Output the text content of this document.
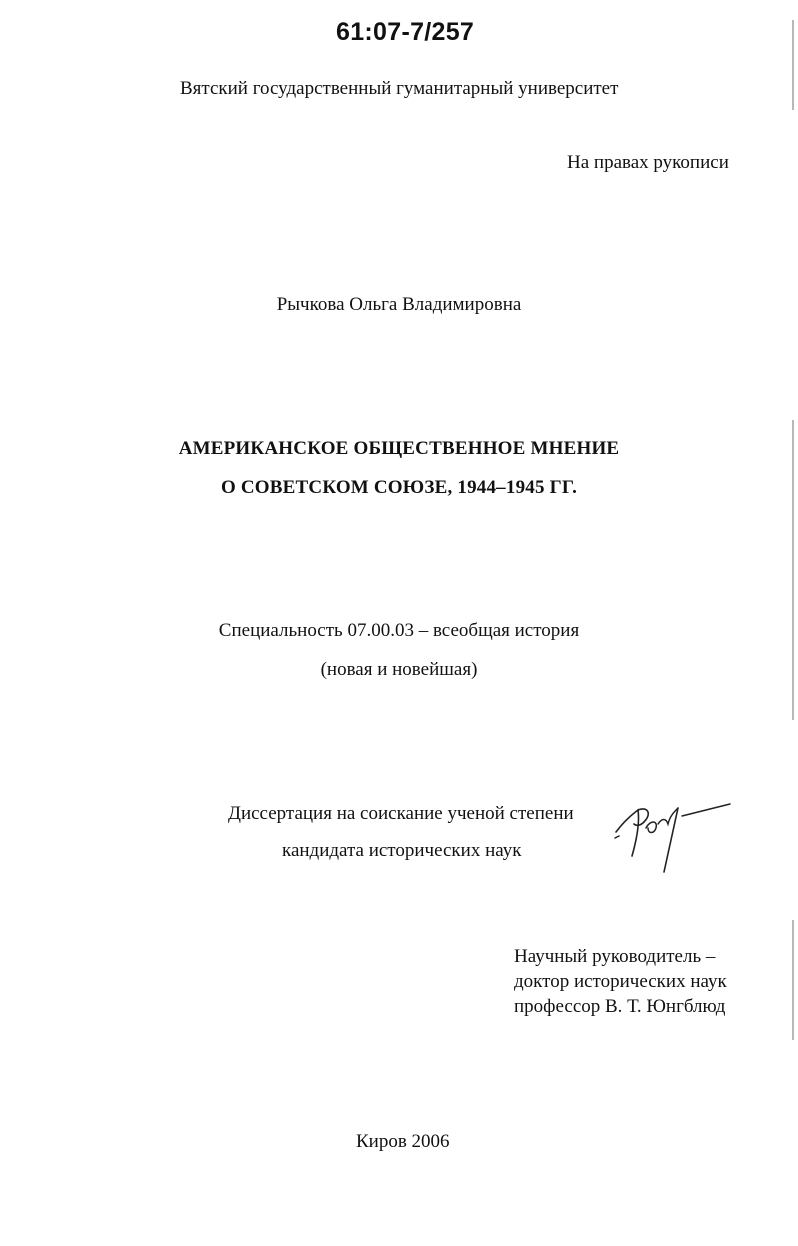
61:07-7/257
Вятский государственный гуманитарный университет
На правах рукописи
Рычкова Ольга Владимировна
АМЕРИКАНСКОЕ ОБЩЕСТВЕННОЕ МНЕНИЕ
О СОВЕТСКОМ СОЮЗЕ, 1944–1945 ГГ.
Специальность 07.00.03 – всеобщая история
(новая и новейшая)
Диссертация на соискание ученой степени
кандидата исторических наук
Научный руководитель –
доктор исторических наук
профессор В. Т. Юнгблюд
Киров 2006
